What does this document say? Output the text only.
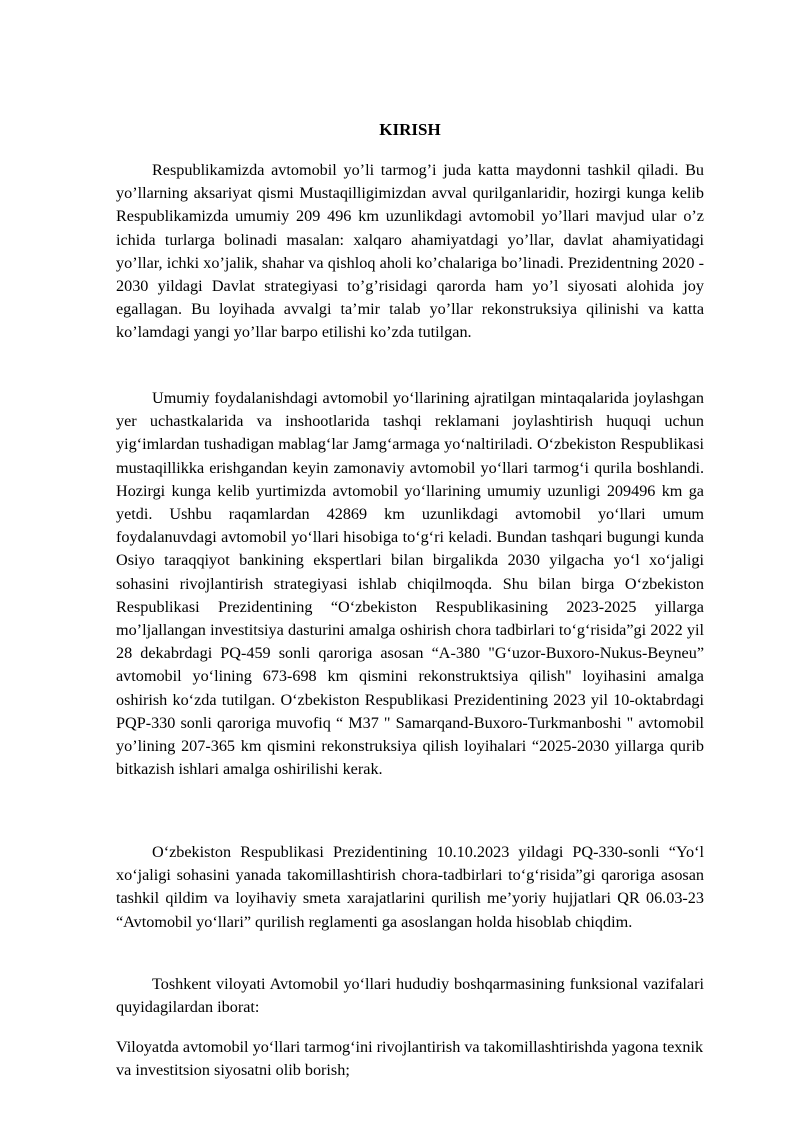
KIRISH

Respublikamizda avtomobil yo’li tarmog’i juda katta maydonni tashkil qiladi. Bu yo’llarning aksariyat qismi Mustaqilligimizdan avval qurilganlaridir, hozirgi kunga kelib Respublikamizda umumiy 209 496 km uzunlikdagi avtomobil yo’llari mavjud ular o’z ichida turlarga bolinadi masalan: xalqaro ahamiyatdagi yo’llar, davlat ahamiyatidagi yo’llar, ichki xo’jalik, shahar va qishloq aholi ko’chalariga bo’linadi. Prezidentning 2020 - 2030 yildagi Davlat strategiyasi to’g’risidagi qarorda ham yo’l siyosati alohida joy egallagan. Bu loyihada avvalgi ta’mir talab yo’llar rekonstruksiya qilinishi va katta ko’lamdagi yangi yo’llar barpo etilishi ko’zda tutilgan.

Umumiy foydalanishdagi avtomobil yo‘llarining ajratilgan mintaqalarida joylashgan yer uchastkalarida va inshootlarida tashqi reklamani joylashtirish huquqi uchun yig‘imlardan tushadigan mablag‘lar Jamg‘armaga yo‘naltiriladi. O‘zbekiston Respublikasi mustaqillikka erishgandan keyin zamonaviy avtomobil yo‘llari tarmog‘i qurila boshlandi. Hozirgi kunga kelib yurtimizda avtomobil yo‘llarining umumiy uzunligi 209496 km ga yetdi. Ushbu raqamlardan 42869 km uzunlikdagi avtomobil yo‘llari umum foydalanuvdagi avtomobil yo‘llari hisobiga to‘g‘ri keladi. Bundan tashqari bugungi kunda Osiyo taraqqiyot bankining ekspertlari bilan birgalikda 2030 yilgacha yo‘l xo‘jaligi sohasini rivojlantirish strategiyasi ishlab chiqilmoqda. Shu bilan birga O‘zbekiston Respublikasi Prezidentining “O‘zbekiston Respublikasining 2023-2025 yillarga mo’ljallangan investitsiya dasturini amalga oshirish chora tadbirlari to‘g‘risida”gi 2022 yil 28 dekabrdagi PQ-459 sonli qaroriga asosan “A-380 "G‘uzor-Buxoro-Nukus-Beyneu” avtomobil yo‘lining 673-698 km qismini rekonstruktsiya qilish" loyihasini amalga oshirish ko‘zda tutilgan. O‘zbekiston Respublikasi Prezidentining 2023 yil 10-oktabrdagi PQP-330 sonli qaroriga muvofiq “ M37 " Samarqand-Buxoro-Turkmanboshi " avtomobil yo’lining 207-365 km qismini rekonstruksiya qilish loyihalari “2025-2030 yillarga qurib bitkazish ishlari amalga oshirilishi kerak.

O‘zbekiston Respublikasi Prezidentining 10.10.2023 yildagi PQ-330-sonli “Yo‘l xo‘jaligi sohasini yanada takomillashtirish chora-tadbirlari to‘g‘risida”gi qaroriga asosan tashkil qildim va loyihaviy smeta xarajatlarini qurilish me’yoriy hujjatlari QR 06.03-23 “Avtomobil yo‘llari” qurilish reglamenti ga asoslangan holda hisoblab chiqdim.

Toshkent viloyati Avtomobil yo‘llari hududiy boshqarmasining funksional vazifalari quyidagilardan iborat:

Viloyatda avtomobil yo‘llari tarmog‘ini rivojlantirish va takomillashtirishda yagona texnik va investitsion siyosatni olib borish;
